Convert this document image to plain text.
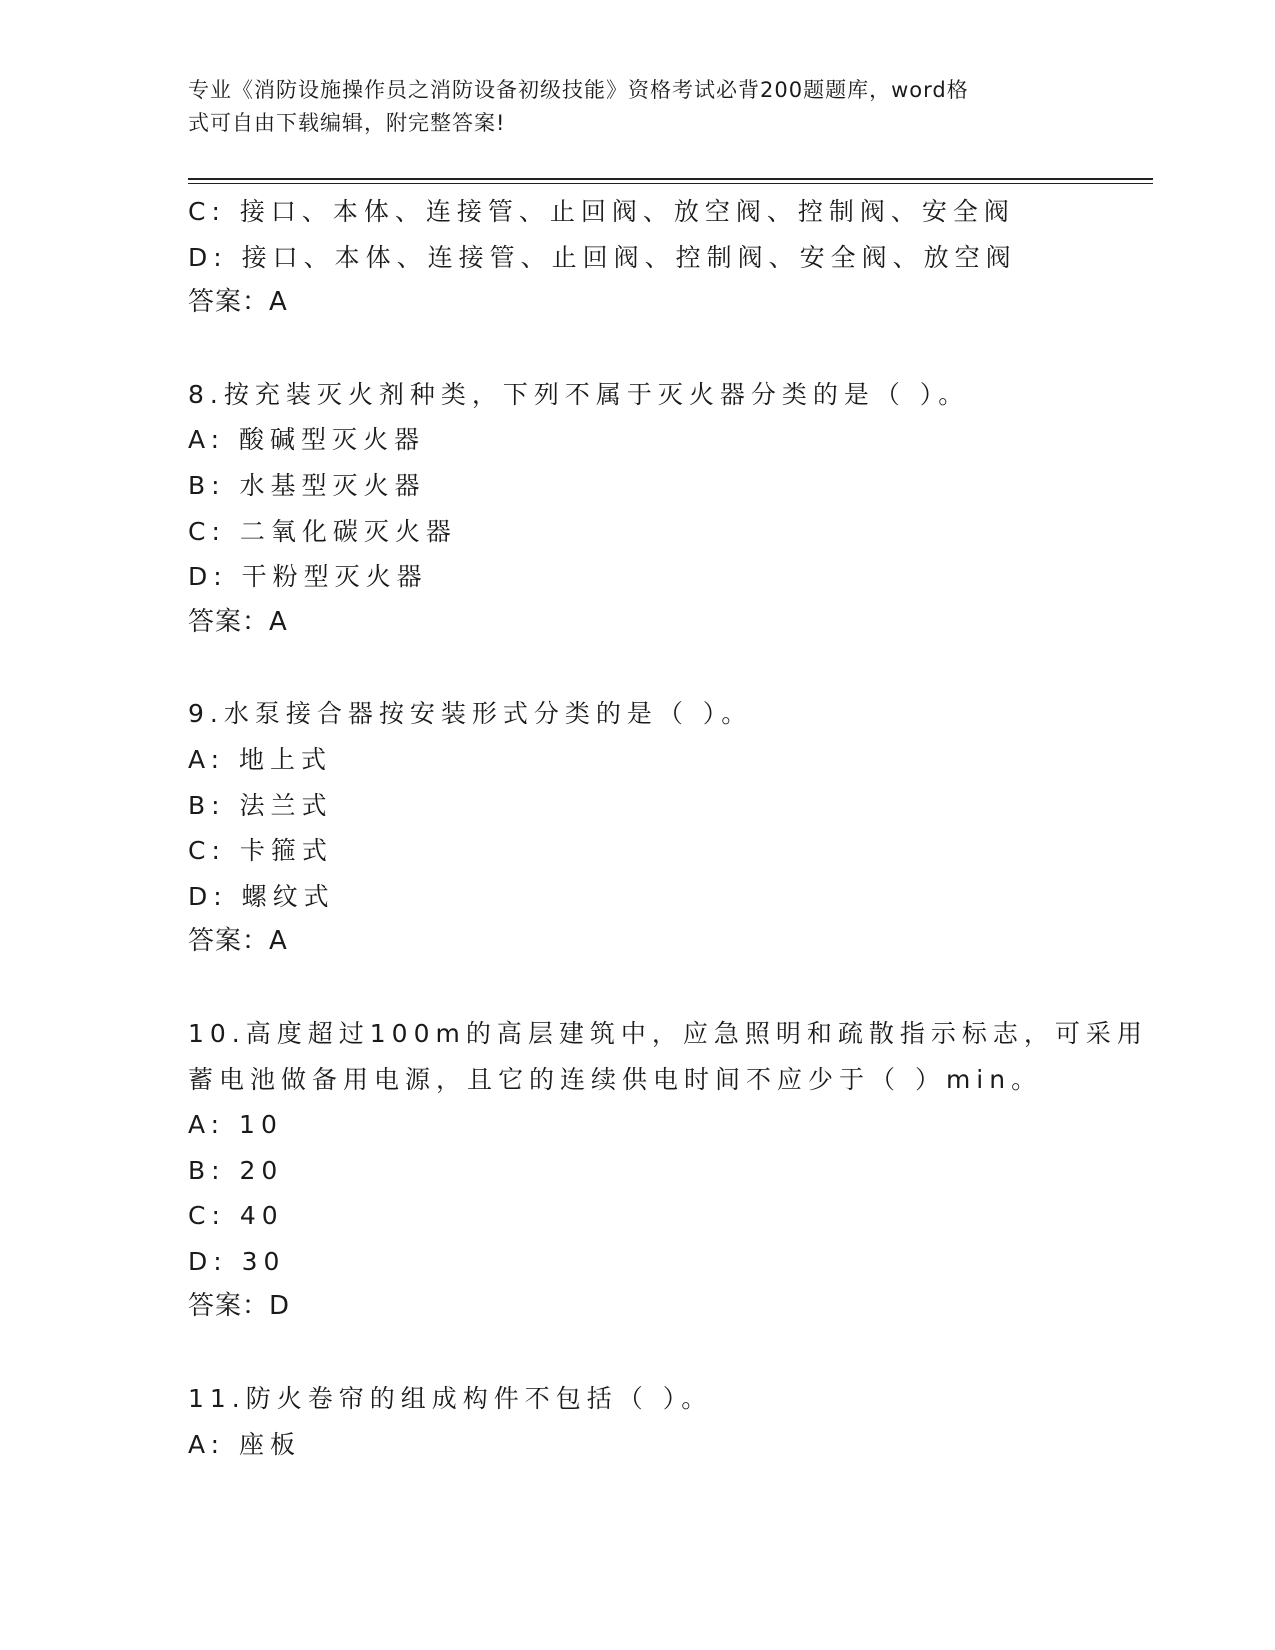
专业《消防设施操作员之消防设备初级技能》资格考试必背200题题库，word格
式可自由下载编辑，附完整答案!
C: 接口、本体、连接管、止回阀、放空阀、控制阀、安全阀
D: 接口、本体、连接管、止回阀、控制阀、安全阀、放空阀
答案：A
8.按充装灭火剂种类，下列不属于灭火器分类的是（ ）。
A: 酸碱型灭火器
B: 水基型灭火器
C: 二氧化碳灭火器
D: 干粉型灭火器
答案：A
9.水泵接合器按安装形式分类的是（ ）。
A: 地上式
B: 法兰式
C: 卡箍式
D: 螺纹式
答案：A
10.高度超过100m的高层建筑中，应急照明和疏散指示标志，可采用
蓄电池做备用电源，且它的连续供电时间不应少于（ ）min。
A: 10
B: 20
C: 40
D: 30
答案：D
11.防火卷帘的组成构件不包括（ ）。
A: 座板
